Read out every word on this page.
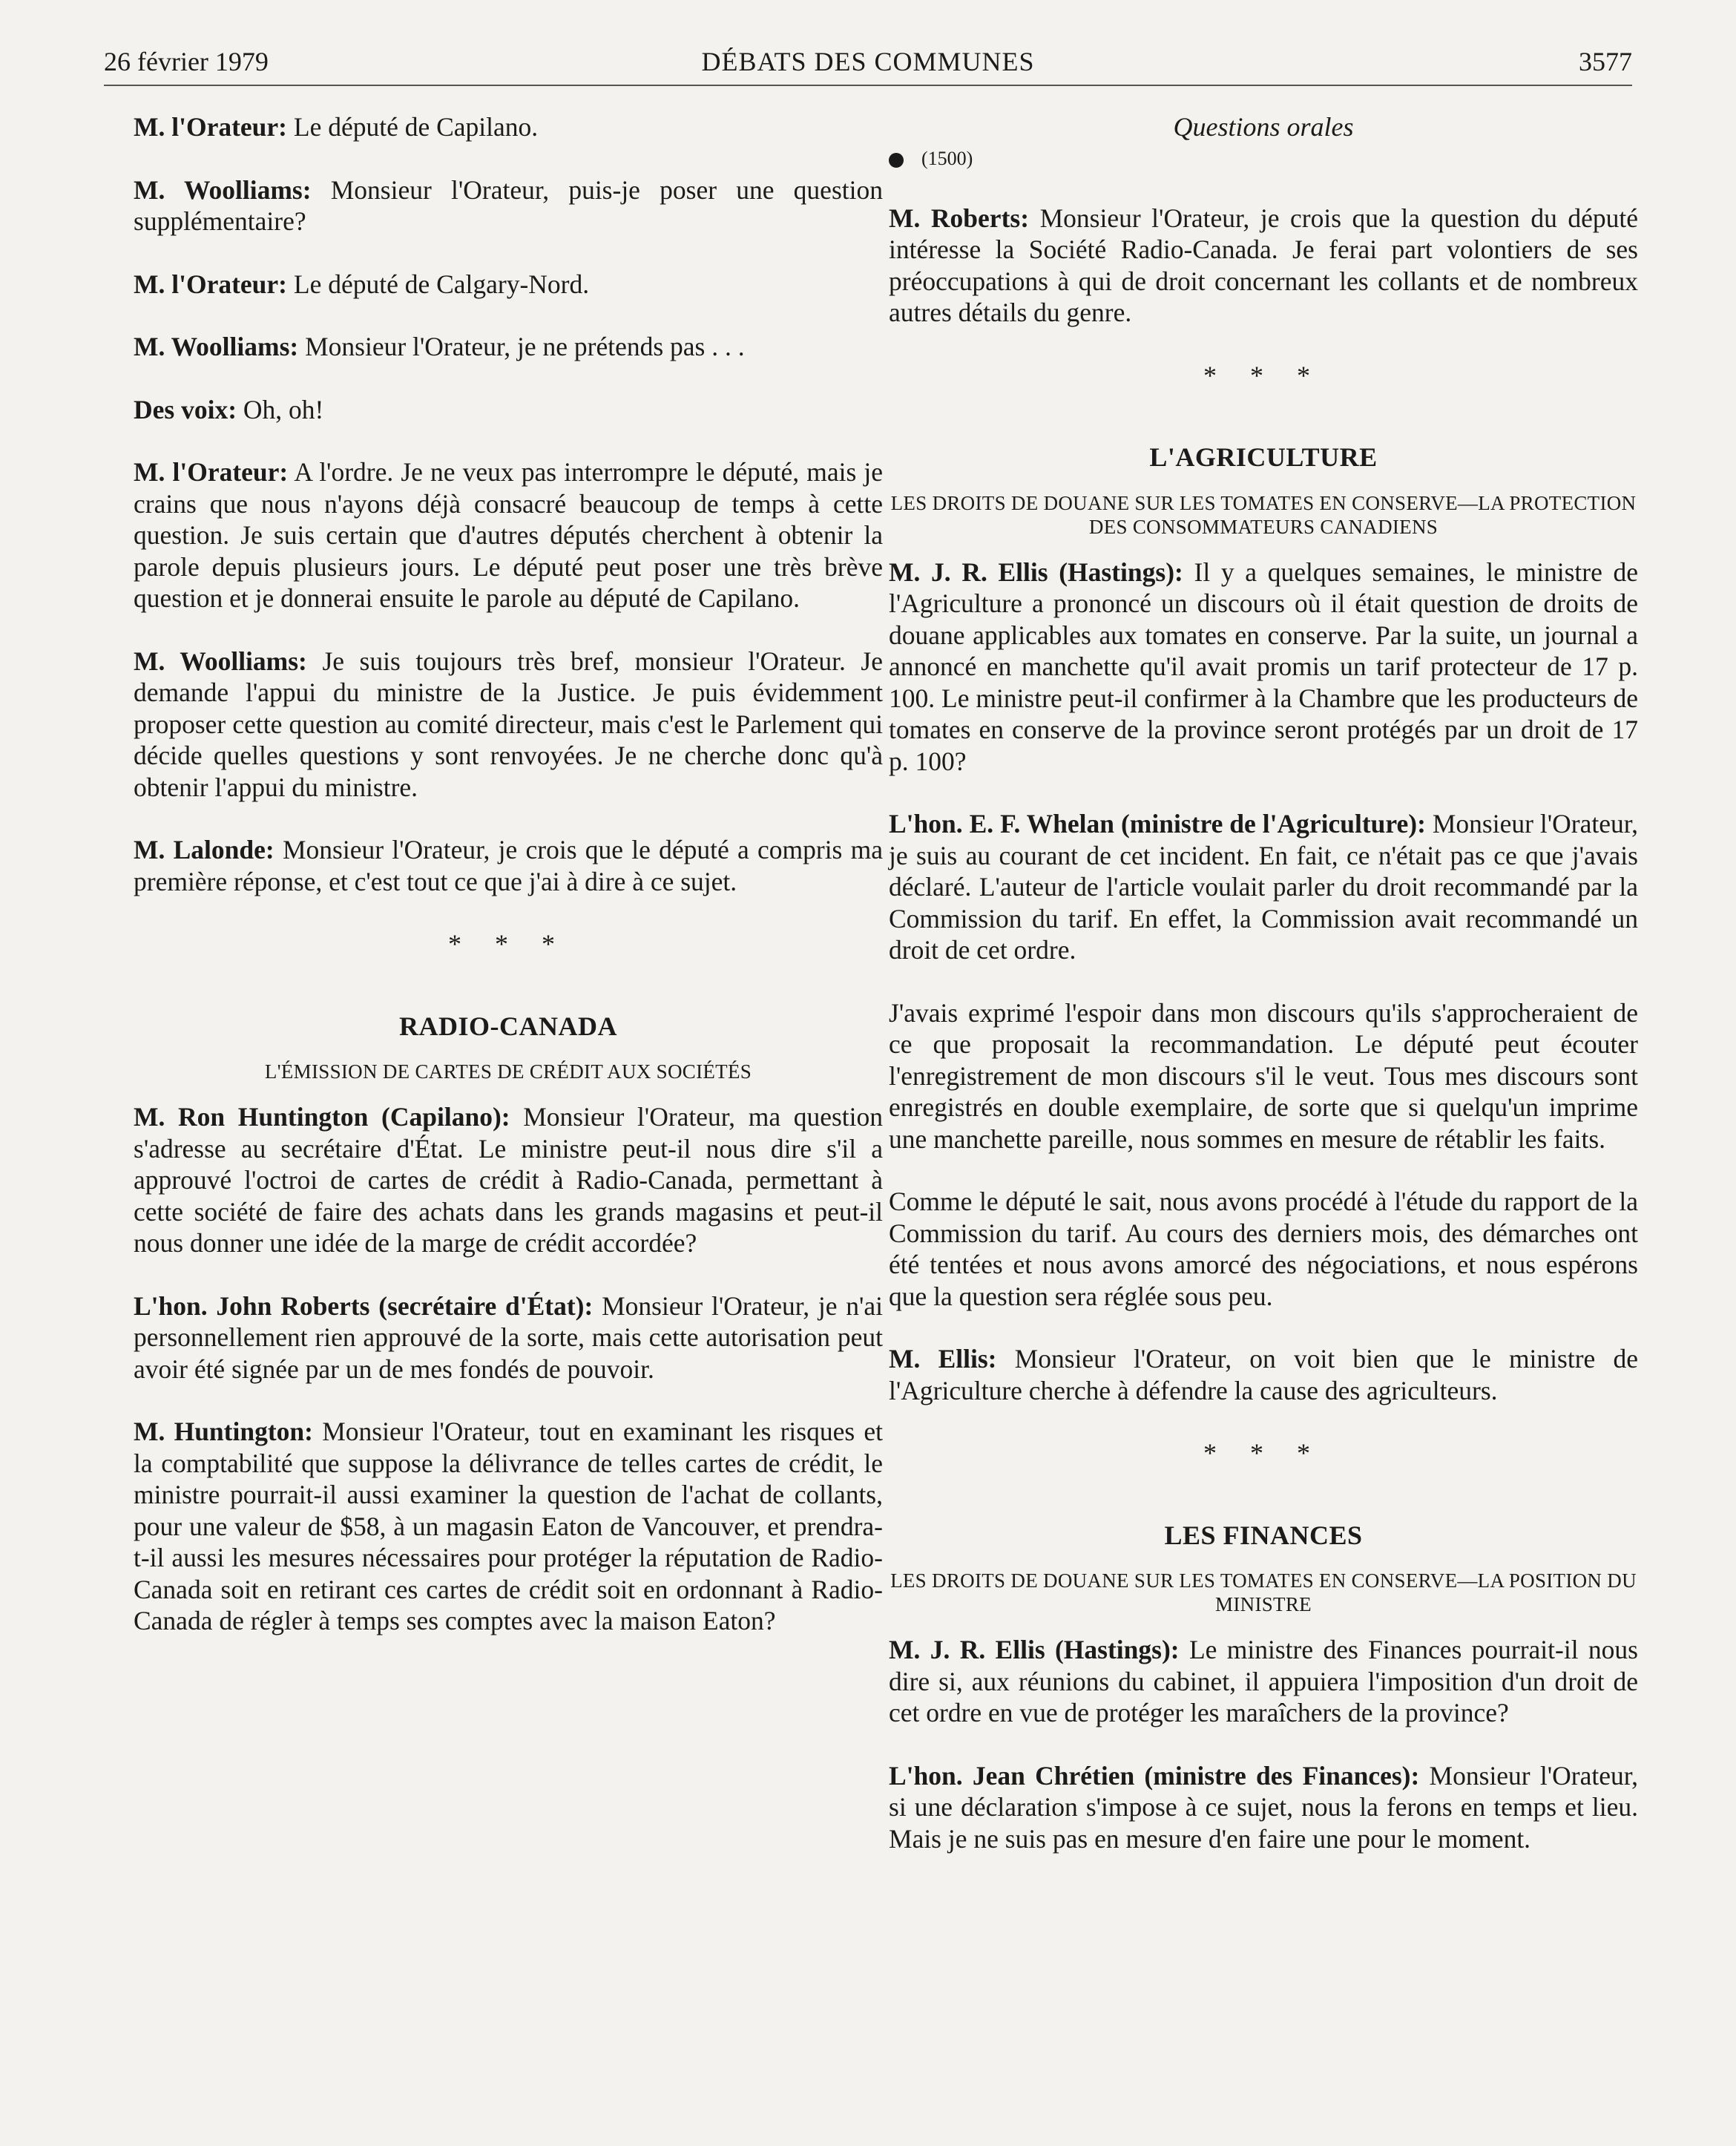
26 février 1979	DÉBATS DES COMMUNES	3577

M. l'Orateur: Le député de Capilano.

M. Woolliams: Monsieur l'Orateur, puis-je poser une question supplémentaire?

M. l'Orateur: Le député de Calgary-Nord.

M. Woolliams: Monsieur l'Orateur, je ne prétends pas . . .

Des voix: Oh, oh!

M. l'Orateur: A l'ordre. Je ne veux pas interrompre le député, mais je crains que nous n'ayons déjà consacré beaucoup de temps à cette question. Je suis certain que d'autres députés cherchent à obtenir la parole depuis plusieurs jours. Le député peut poser une très brève question et je donnerai ensuite le parole au député de Capilano.

M. Woolliams: Je suis toujours très bref, monsieur l'Orateur. Je demande l'appui du ministre de la Justice. Je puis évidemment proposer cette question au comité directeur, mais c'est le Parlement qui décide quelles questions y sont renvoyées. Je ne cherche donc qu'à obtenir l'appui du ministre.

M. Lalonde: Monsieur l'Orateur, je crois que le député a compris ma première réponse, et c'est tout ce que j'ai à dire à ce sujet.

* * *
RADIO-CANADA
L'ÉMISSION DE CARTES DE CRÉDIT AUX SOCIÉTÉS

M. Ron Huntington (Capilano): Monsieur l'Orateur, ma question s'adresse au secrétaire d'État. Le ministre peut-il nous dire s'il a approuvé l'octroi de cartes de crédit à Radio-Canada, permettant à cette société de faire des achats dans les grands magasins et peut-il nous donner une idée de la marge de crédit accordée?

L'hon. John Roberts (secrétaire d'État): Monsieur l'Orateur, je n'ai personnellement rien approuvé de la sorte, mais cette autorisation peut avoir été signée par un de mes fondés de pouvoir.

M. Huntington: Monsieur l'Orateur, tout en examinant les risques et la comptabilité que suppose la délivrance de telles cartes de crédit, le ministre pourrait-il aussi examiner la question de l'achat de collants, pour une valeur de $58, à un magasin Eaton de Vancouver, et prendra-t-il aussi les mesures nécessaires pour protéger la réputation de Radio-Canada soit en retirant ces cartes de crédit soit en ordonnant à Radio-Canada de régler à temps ses comptes avec la maison Eaton?

Questions orales
(1500)

M. Roberts: Monsieur l'Orateur, je crois que la question du député intéresse la Société Radio-Canada. Je ferai part volontiers de ses préoccupations à qui de droit concernant les collants et de nombreux autres détails du genre.

* * *
L'AGRICULTURE
LES DROITS DE DOUANE SUR LES TOMATES EN CONSERVE—LA PROTECTION DES CONSOMMATEURS CANADIENS

M. J. R. Ellis (Hastings): Il y a quelques semaines, le ministre de l'Agriculture a prononcé un discours où il était question de droits de douane applicables aux tomates en conserve. Par la suite, un journal a annoncé en manchette qu'il avait promis un tarif protecteur de 17 p. 100. Le ministre peut-il confirmer à la Chambre que les producteurs de tomates en conserve de la province seront protégés par un droit de 17 p. 100?

L'hon. E. F. Whelan (ministre de l'Agriculture): Monsieur l'Orateur, je suis au courant de cet incident. En fait, ce n'était pas ce que j'avais déclaré. L'auteur de l'article voulait parler du droit recommandé par la Commission du tarif. En effet, la Commission avait recommandé un droit de cet ordre.

J'avais exprimé l'espoir dans mon discours qu'ils s'approcheraient de ce que proposait la recommandation. Le député peut écouter l'enregistrement de mon discours s'il le veut. Tous mes discours sont enregistrés en double exemplaire, de sorte que si quelqu'un imprime une manchette pareille, nous sommes en mesure de rétablir les faits.

Comme le député le sait, nous avons procédé à l'étude du rapport de la Commission du tarif. Au cours des derniers mois, des démarches ont été tentées et nous avons amorcé des négociations, et nous espérons que la question sera réglée sous peu.

M. Ellis: Monsieur l'Orateur, on voit bien que le ministre de l'Agriculture cherche à défendre la cause des agriculteurs.

* * *
LES FINANCES
LES DROITS DE DOUANE SUR LES TOMATES EN CONSERVE—LA POSITION DU MINISTRE

M. J. R. Ellis (Hastings): Le ministre des Finances pourrait-il nous dire si, aux réunions du cabinet, il appuiera l'imposition d'un droit de cet ordre en vue de protéger les maraîchers de la province?

L'hon. Jean Chrétien (ministre des Finances): Monsieur l'Orateur, si une déclaration s'impose à ce sujet, nous la ferons en temps et lieu. Mais je ne suis pas en mesure d'en faire une pour le moment.
